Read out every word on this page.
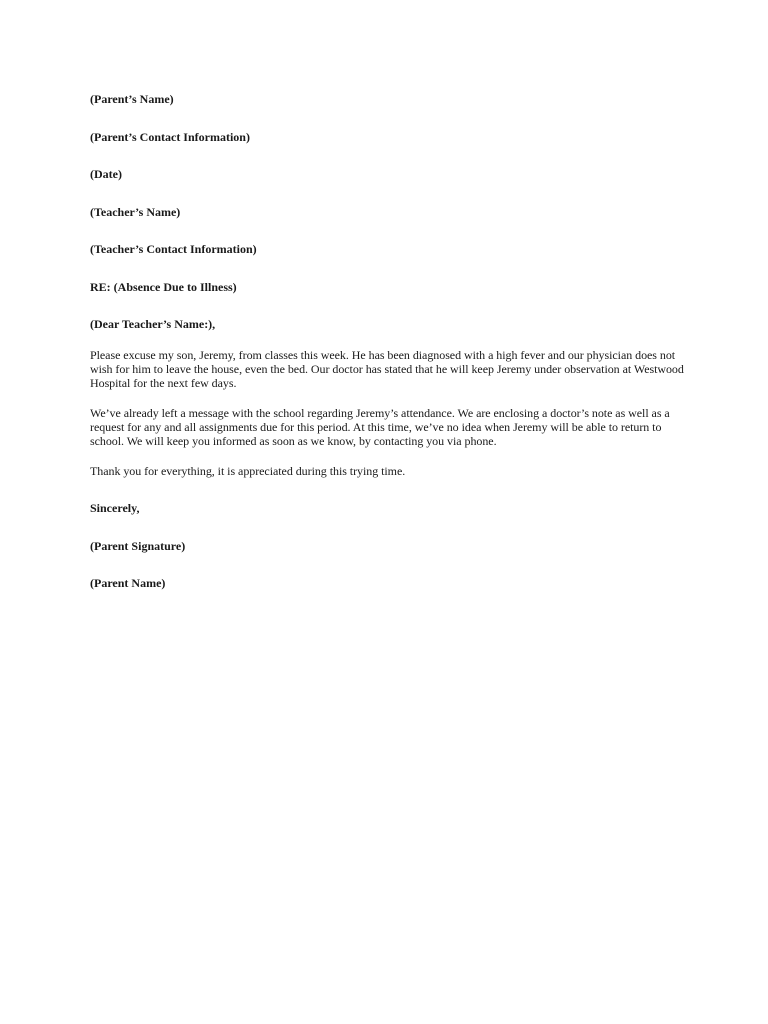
(Parent’s Name)

(Parent’s Contact Information)

(Date)

(Teacher’s Name)

(Teacher’s Contact Information)

RE: (Absence Due to Illness)

(Dear Teacher’s Name:),

Please excuse my son, Jeremy, from classes this week. He has been diagnosed with a high fever and our physician does not wish for him to leave the house, even the bed. Our doctor has stated that he will keep Jeremy under observation at Westwood Hospital for the next few days.

We’ve already left a message with the school regarding Jeremy’s attendance. We are enclosing a doctor’s note as well as a request for any and all assignments due for this period. At this time, we’ve no idea when Jeremy will be able to return to school. We will keep you informed as soon as we know, by contacting you via phone.

Thank you for everything, it is appreciated during this trying time.

Sincerely,

(Parent Signature)

(Parent Name)
